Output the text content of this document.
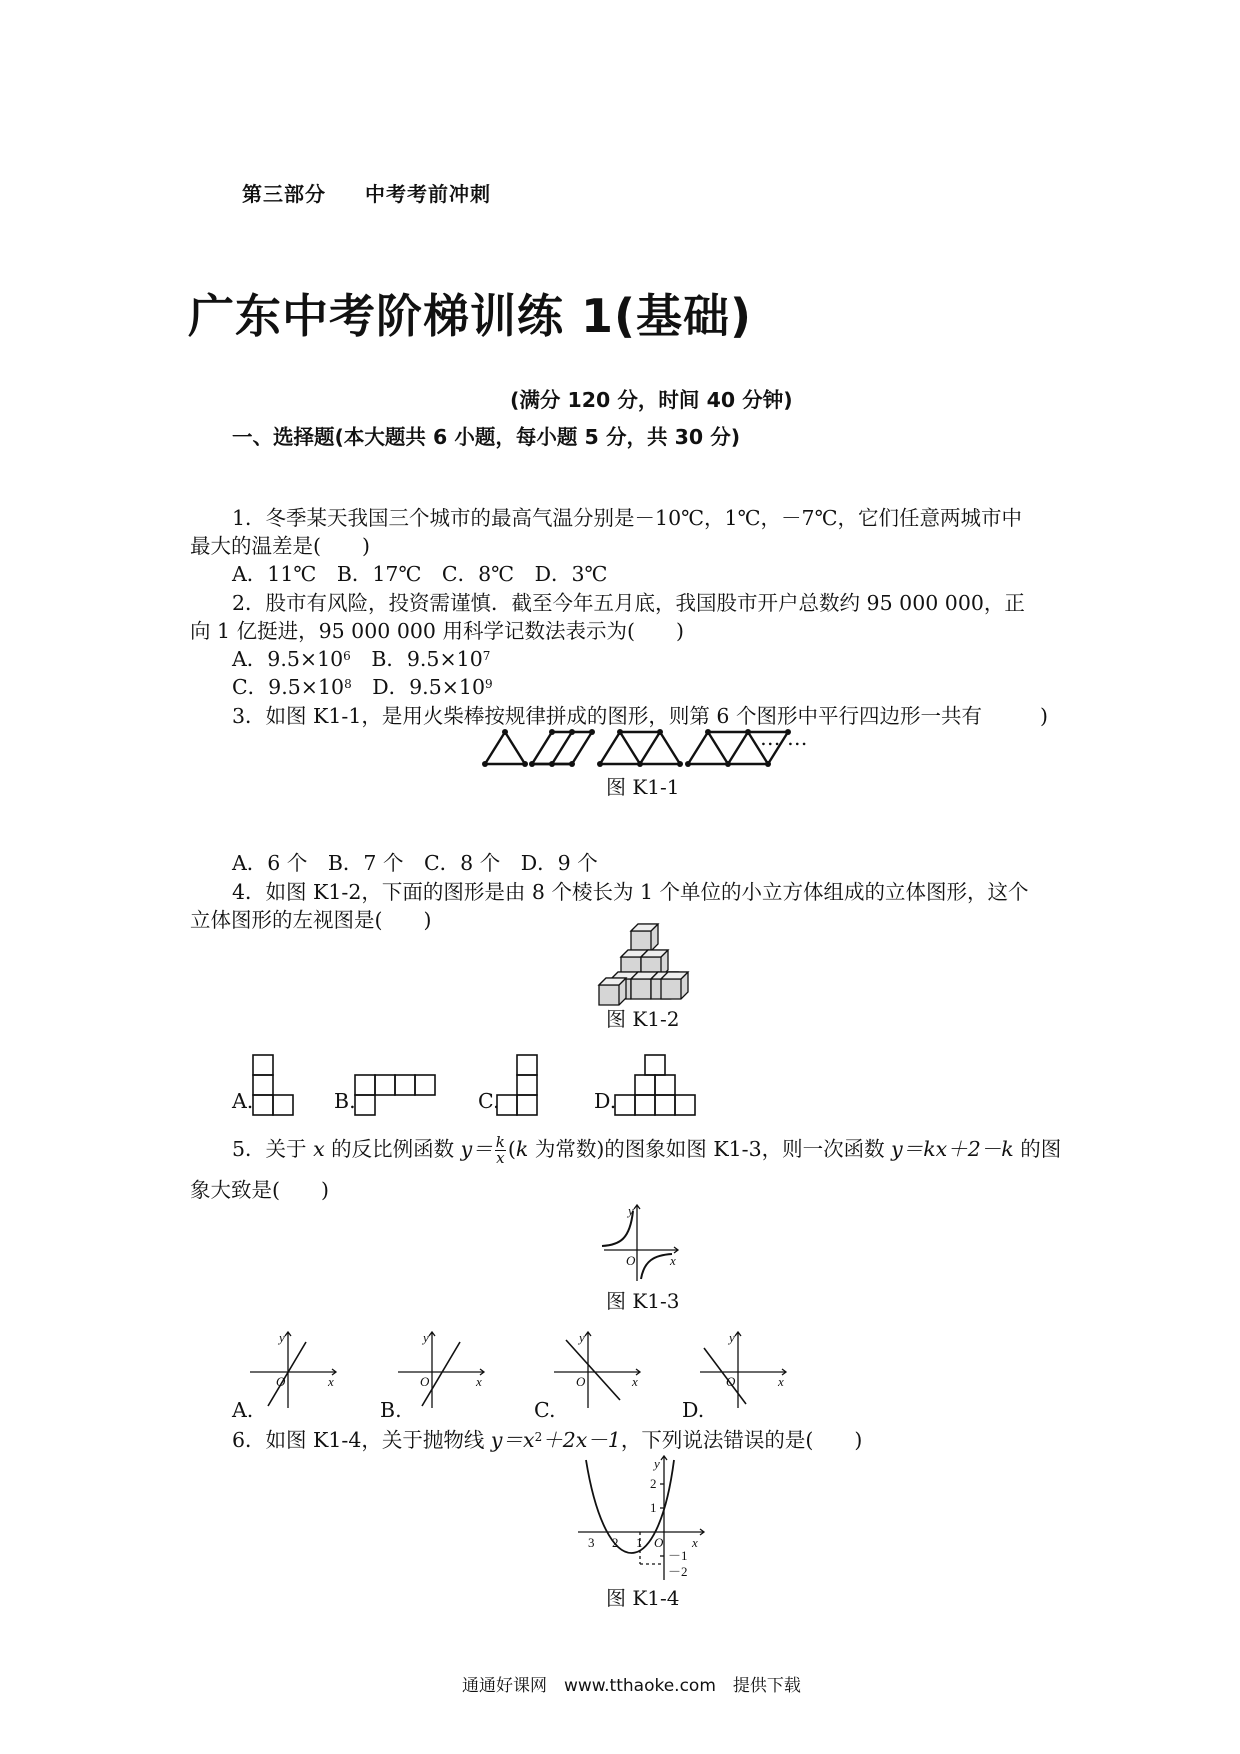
第三部分 中考考前冲刺
广东中考阶梯训练 1(基础)
(满分 120 分，时间 40 分钟)
一、选择题(本大题共 6 小题，每小题 5 分，共 30 分)
1．冬季某天我国三个城市的最高气温分别是－10℃，1℃，－7℃，它们任意两城市中
最大的温差是(　　)
A．11℃　B．17℃　C．8℃　D．3℃
2．股市有风险，投资需谨慎．截至今年五月底，我国股市开户总数约 95 000 000，正
向 1 亿挺进，95 000 000 用科学记数法表示为(　　)
A．$9.5\times 10^6$　 B．$9.5\times 10^7$
C．$9.5\times 10^8$　 D．$9.5\times 10^9$
3．如图 K1-1，是用火柴棒按规律拼成的图形，则第 6 个图形中平行四边形一共有	)
… …
图 K1-1
A．6 个　B．7 个　C．8 个　D．9 个
4．如图 K1-2，下面的图形是由 8 个棱长为 1 个单位的小立方体组成的立体图形，这个
立体图形的左视图是(　　)
图 K1-2
A.	B.	C.	D.
5．关于 x 的反比例函数 $y= \frac{k}{x} (k$ 为常数)的图象如图 K1-3，则一次函数 y＝kx＋2－k 的图
象大致是(　　)
y
x
O
图 K1-3
A.
y
x
O
B.
y
x
O
C.
y
x
O
D.
y
x
O
6．如图 K1-4，关于抛物线 $y=x^2+2x-1$，下列说法错误的是(　　)
y
x
O
3 2 1
2
1
－1
－2
图 K1-4
通通好课网　www.tthaoke.com　提供下载
